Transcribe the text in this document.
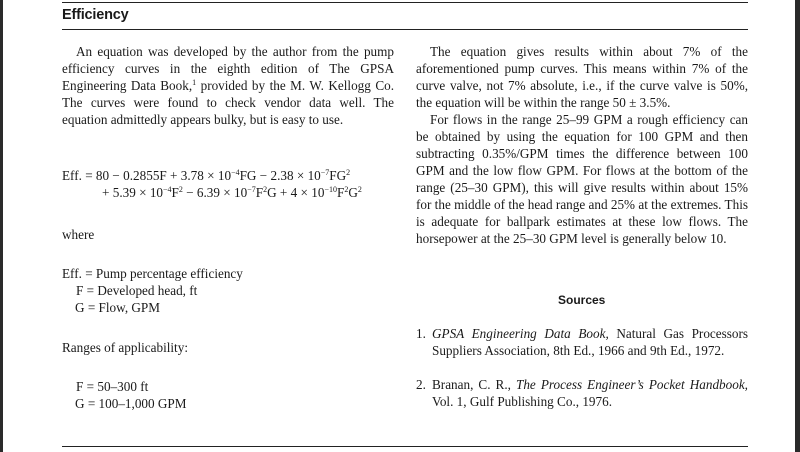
Efficiency

An equation was developed by the author from the pump efficiency curves in the eighth edition of The GPSA Engineering Data Book,$^1$ provided by the M. W. Kellogg Co. The curves were found to check vendor data well. The equation admittedly appears bulky, but is easy to use.

Eff. = $80 - 0.2855F + 3.78 \times 10^{-4}FG - 2.38 \times 10^{-7}FG^2$
+ $5.39 \times 10^{-4}F^2 - 6.39 \times 10^{-7}F^2G + 4 \times 10^{-10}F^2G^2$
where
Eff. = Pump percentage efficiency
F = Developed head, ft
G = Flow, GPM
Ranges of applicability:
F = 50–300 ft
G = 100–1,000 GPM

The equation gives results within about 7% of the aforementioned pump curves. This means within 7% of the curve valve, not 7% absolute, i.e., if the curve valve is 50%, the equation will be within the range 50 ± 3.5%.

For flows in the range 25–99 GPM a rough efficiency can be obtained by using the equation for 100 GPM and then subtracting 0.35%/GPM times the difference between 100 GPM and the low flow GPM. For flows at the bottom of the range (25–30 GPM), this will give results within about 15% for the middle of the head range and 25% at the extremes. This is adequate for ballpark estimates at these low flows. The horsepower at the 25–30 GPM level is generally below 10.

Sources
1. GPSA Engineering Data Book, Natural Gas Processors Suppliers Association, 8th Ed., 1966 and 9th Ed., 1972.
2. Branan, C. R., The Process Engineer’s Pocket Handbook, Vol. 1, Gulf Publishing Co., 1976.
